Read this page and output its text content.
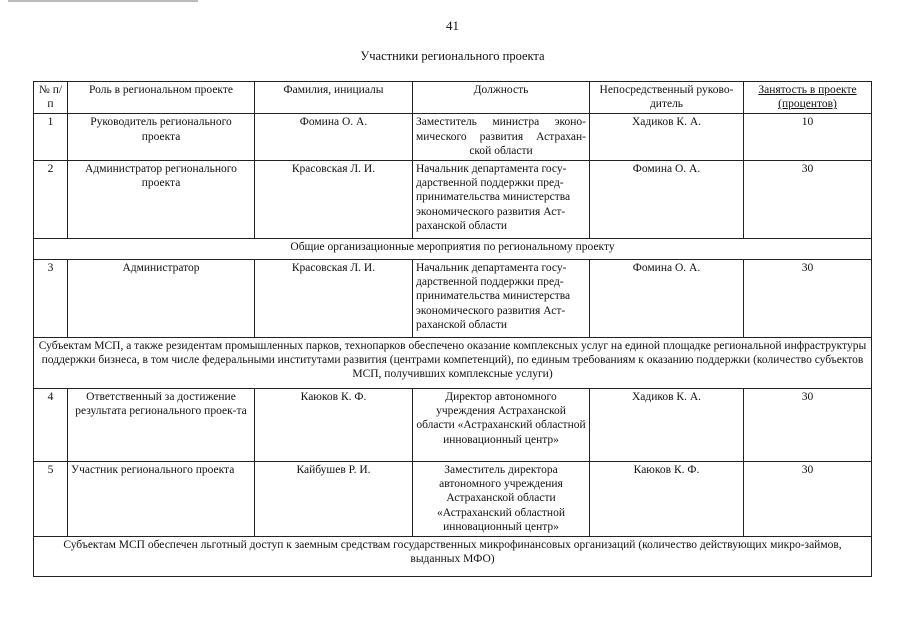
41
Участники регионального проекта
№ п/п	Роль в региональном проекте	Фамилия, инициалы	Должность	Непосредственный руково-дитель	Занятость в проекте (процентов)
1	Руководитель регионального проекта	Фомина О. А.	Заместитель министра эконо-мического развития Астрахан-ской области	Хадиков К. А.	10
2	Администратор регионального проекта	Красовская Л. И.	Начальник департамента госу-дарственной поддержки пред-принимательства министерства экономического развития Аст-раханской области	Фомина О. А.	30
Общие организационные мероприятия по региональному проекту					
3	Администратор	Красовская Л. И.	Начальник департамента госу-дарственной поддержки пред-принимательства министерства экономического развития Аст-раханской области	Фомина О. А.	30
Субъектам МСП, а также резидентам промышленных парков, технопарков обеспечено оказание комплексных услуг на единой площадке региональной инфраструктуры поддержки бизнеса, в том числе федеральными институтами развития (центрами компетенций), по единым требованиям к оказанию поддержки (количество субъектов МСП, получивших комплексные услуги)					
4	Ответственный за достижение результата регионального проек-та	Каюков К. Ф.	Директор автономного учреждения Астраханской области «Астраханский областной инновационный центр»	Хадиков К. А.	30
5	Участник регионального проекта	Кайбушев Р. И.	Заместитель директора автономного учреждения Астраханской области «Астраханский областной инновационный центр»	Каюков К. Ф.	30
Субъектам МСП обеспечен льготный доступ к заемным средствам государственных микрофинансовых организаций (количество действующих микро-займов, выданных МФО)					
